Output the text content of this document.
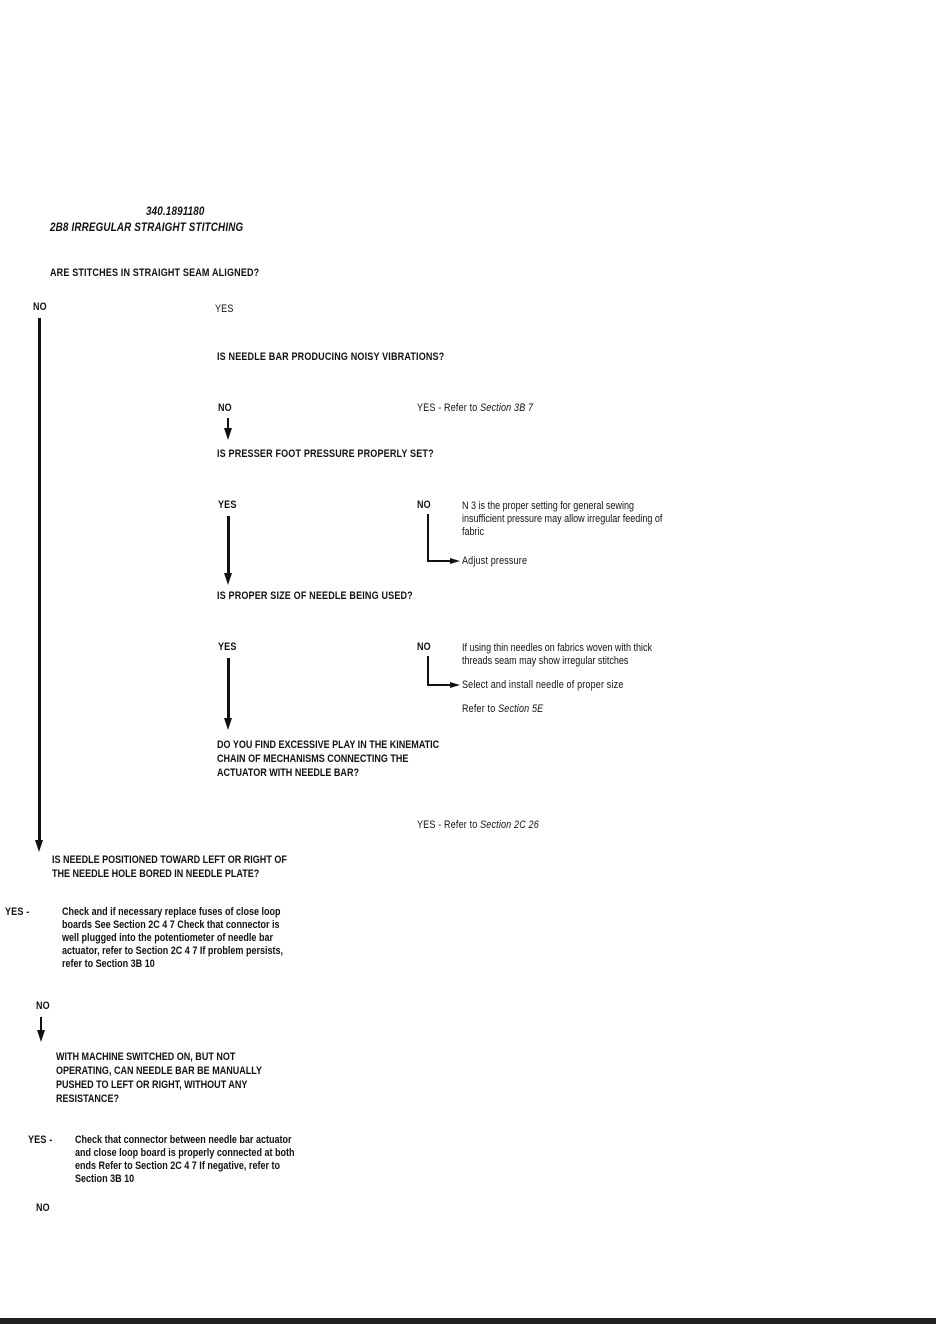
340.1891180
2B8 IRREGULAR STRAIGHT STITCHING
ARE STITCHES IN STRAIGHT SEAM ALIGNED?
NO	YES
IS NEEDLE BAR PRODUCING NOISY VIBRATIONS?
NO	YES - Refer to Section 3B 7
IS PRESSER FOOT PRESSURE PROPERLY SET?
YES	NO	N 3 is the proper setting for general sewing
insufficient pressure may allow irregular feeding of
fabric
Adjust pressure
IS PROPER SIZE OF NEEDLE BEING USED?
YES	NO	If using thin needles on fabrics woven with thick
threads seam may show irregular stitches
Select and install needle of proper size
Refer to Section 5E
DO YOU FIND EXCESSIVE PLAY IN THE KINEMATIC
CHAIN OF MECHANISMS CONNECTING THE
ACTUATOR WITH NEEDLE BAR?
YES - Refer to Section 2C 26
IS NEEDLE POSITIONED TOWARD LEFT OR RIGHT OF
THE NEEDLE HOLE BORED IN NEEDLE PLATE?
YES -	Check and if necessary replace fuses of close loop
boards See Section 2C 4 7 Check that connector is
well plugged into the potentiometer of needle bar
actuator, refer to Section 2C 4 7 If problem persists,
refer to Section 3B 10
NO
WITH MACHINE SWITCHED ON, BUT NOT
OPERATING, CAN NEEDLE BAR BE MANUALLY
PUSHED TO LEFT OR RIGHT, WITHOUT ANY
RESISTANCE?
YES - Check that connector between needle bar actuator
and close loop board is properly connected at both
ends Refer to Section 2C 4 7 If negative, refer to
Section 3B 10
NO
